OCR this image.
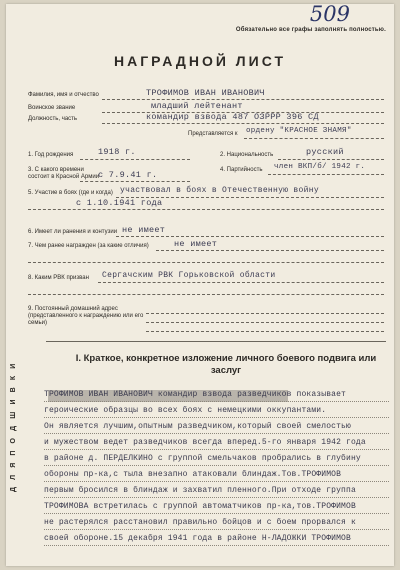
509
Обязательно все графы заполнять полностью.
НАГРАДНОЙ ЛИСТ
Д Л Я П О Д Ш И В К И
Фамилия, имя и отчество	ТРОФИМОВ ИВАН ИВАНОВИЧ
Воинское звание	младший лейтенант
Должность, часть	командир взвода 487 ОЗРРР 396 СД
Представляется к ордену "КРАСНОЕ ЗНАМЯ"
1. Год рождения	1918 г.	2. Национальность	русский
3. С какого времени состоит в Красной Армии
с 7.9.41 г.	4. Партийность член ВКП/б/ 1942 г.
5. Участие в боях (где и когда) участвовал в боях в Отечественную войну
с 1.10.1941 года
6. Имеет ли ранения и контузии не имеет
7. Чем ранее награжден (за какие отличия)	не имеет
8. Каким РВК призван Сергачским РВК Горьковской области
9. Постоянный домашний адрес (представленного к награждению или его семьи)
I. Краткое, конкретное изложение личного боевого подвига или заслуг
ТРОФИМОВ ИВАН ИВАНОВИЧ командир взвода разведчиков показывает
героические образцы во всех боях с немецкими оккупантами.
Он является лучшим,опытным разведчиком,который своей смелостью
и мужеством ведет разведчиков всегда вперед.5-го января 1942 года
в районе д. ПЕРДЕЛКИНО с группой смельчаков пробрались в глубину
обороны пр-ка,с тыла внезапно атаковали блиндаж.Тов.ТРОФИМОВ
первым бросился в блиндаж и захватил пленного.При отходе группа
ТРОФИМОВА встретилась с группой автоматчиков пр-ка,тов.ТРОФИМОВ
не растерялся расстановил правильно бойцов и с боем прорвался к
своей обороне.15 декабря 1941 года в районе Н-ЛАДОЖКИ ТРОФИМОВ
